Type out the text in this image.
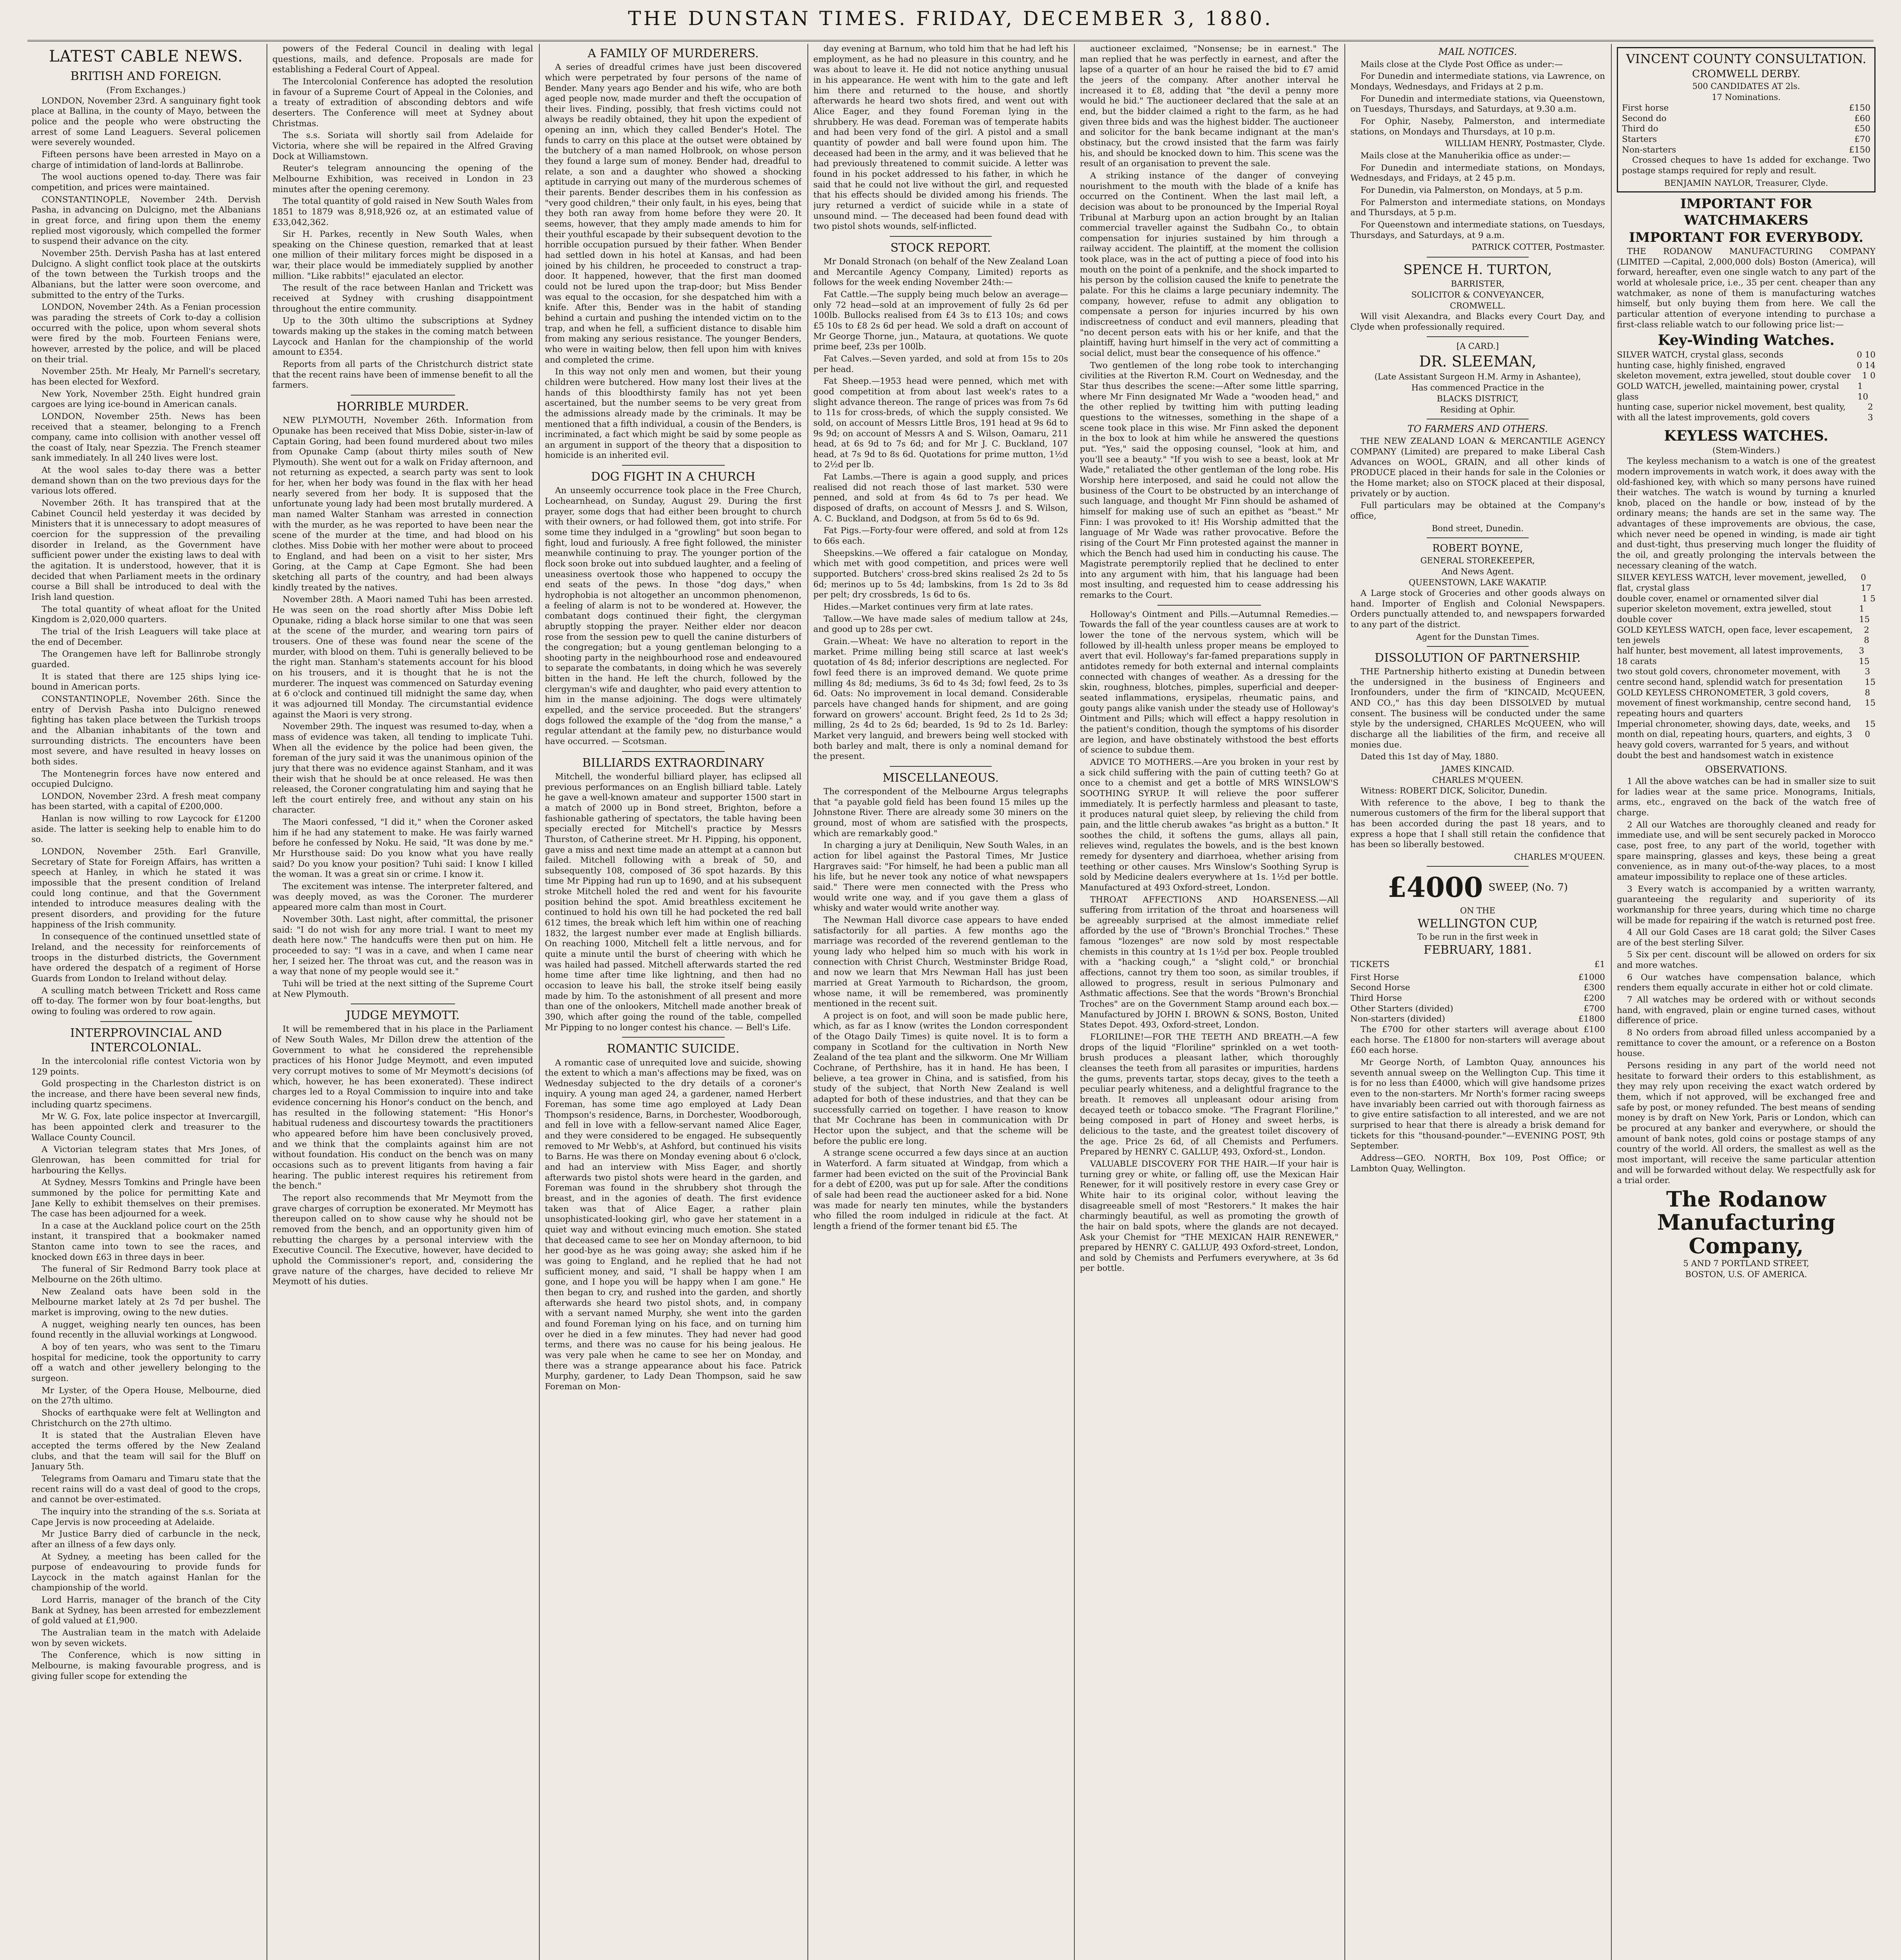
THE DUNSTAN TIMES. FRIDAY, DECEMBER 3, 1880.
LATEST CABLE NEWS.
BRITISH AND FOREIGN.
(From Exchanges.)

LONDON, November 23rd. A sanguinary fight took place at Ballina, in the county of Mayo, between the police and the people who were obstructing the arrest of some Land Leaguers. Several policemen were severely wounded.

Fifteen persons have been arrested in Mayo on a charge of intimidation of land-lords at Ballinrobe.

The wool auctions opened to-day. There was fair competition, and prices were maintained.

CONSTANTINOPLE, November 24th. Dervish Pasha, in advancing on Dulcigno, met the Albanians in great force, and firing upon them the enemy replied most vigorously, which compelled the former to suspend their advance on the city.

November 25th. Dervish Pasha has at last entered Dulcigno. A slight conflict took place at the outskirts of the town between the Turkish troops and the Albanians, but the latter were soon overcome, and submitted to the entry of the Turks.

LONDON, November 24th. As a Fenian procession was parading the streets of Cork to-day a collision occurred with the police, upon whom several shots were fired by the mob. Fourteen Fenians were, however, arrested by the police, and will be placed on their trial.

November 25th. Mr Healy, Mr Parnell's secretary, has been elected for Wexford.

New York, November 25th. Eight hundred grain cargoes are lying ice-bound in American canals.

LONDON, November 25th. News has been received that a steamer, belonging to a French company, came into collision with another vessel off the coast of Italy, near Spezzia. The French steamer sank immediately. In all 240 lives were lost.

At the wool sales to-day there was a better demand shown than on the two previous days for the various lots offered.

November 26th. It has transpired that at the Cabinet Council held yesterday it was decided by Ministers that it is unnecessary to adopt measures of coercion for the suppression of the prevailing disorder in Ireland, as the Government have sufficient power under the existing laws to deal with the agitation. It is understood, however, that it is decided that when Parliament meets in the ordinary course a Bill shall be introduced to deal with the Irish land question.

The total quantity of wheat afloat for the United Kingdom is 2,020,000 quarters.

The trial of the Irish Leaguers will take place at the end of December.

The Orangemen have left for Ballinrobe strongly guarded.

It is stated that there are 125 ships lying ice-bound in American ports.

CONSTANTINOPLE, November 26th. Since the entry of Dervish Pasha into Dulcigno renewed fighting has taken place between the Turkish troops and the Albanian inhabitants of the town and surrounding districts. The encounters have been most severe, and have resulted in heavy losses on both sides.

The Montenegrin forces have now entered and occupied Dulcigno.

LONDON, November 23rd. A fresh meat company has been started, with a capital of £200,000.

Hanlan is now willing to row Laycock for £1200 aside. The latter is seeking help to enable him to do so.

LONDON, November 25th. Earl Granville, Secretary of State for Foreign Affairs, has written a speech at Hanley, in which he stated it was impossible that the present condition of Ireland could long continue, and that the Government intended to introduce measures dealing with the present disorders, and providing for the future happiness of the Irish community.

In consequence of the continued unsettled state of Ireland, and the necessity for reinforcements of troops in the disturbed districts, the Government have ordered the despatch of a regiment of Horse Guards from London to Ireland without delay.

A sculling match between Trickett and Ross came off to-day. The former won by four boat-lengths, but owing to fouling was ordered to row again.

INTERPROVINCIAL AND INTERCOLONIAL.

In the intercolonial rifle contest Victoria won by 129 points.

Gold prospecting in the Charleston district is on the increase, and there have been several new finds, including quartz specimens.

Mr W. G. Fox, late police inspector at Invercargill, has been appointed clerk and treasurer to the Wallace County Council.

A Victorian telegram states that Mrs Jones, of Glenrowan, has been committed for trial for harbouring the Kellys.

At Sydney, Messrs Tomkins and Pringle have been summoned by the police for permitting Kate and Jane Kelly to exhibit themselves on their premises. The case has been adjourned for a week.

In a case at the Auckland police court on the 25th instant, it transpired that a bookmaker named Stanton came into town to see the races, and knocked down £63 in three days in beer.

The funeral of Sir Redmond Barry took place at Melbourne on the 26th ultimo.

New Zealand oats have been sold in the Melbourne market lately at 2s 7d per bushel. The market is improving, owing to the new duties.

A nugget, weighing nearly ten ounces, has been found recently in the alluvial workings at Longwood.

A boy of ten years, who was sent to the Timaru hospital for medicine, took the opportunity to carry off a watch and other jewellery belonging to the surgeon.

Mr Lyster, of the Opera House, Melbourne, died on the 27th ultimo.

Shocks of earthquake were felt at Wellington and Christchurch on the 27th ultimo.

It is stated that the Australian Eleven have accepted the terms offered by the New Zealand clubs, and that the team will sail for the Bluff on January 5th.

Telegrams from Oamaru and Timaru state that the recent rains will do a vast deal of good to the crops, and cannot be over-estimated.

The inquiry into the stranding of the s.s. Soriata at Cape Jervis is now proceeding at Adelaide.

Mr Justice Barry died of carbuncle in the neck, after an illness of a few days only.

At Sydney, a meeting has been called for the purpose of endeavouring to provide funds for Laycock in the match against Hanlan for the championship of the world.

Lord Harris, manager of the branch of the City Bank at Sydney, has been arrested for embezzlement of gold valued at £1,900.

The Australian team in the match with Adelaide won by seven wickets.

The Conference, which is now sitting in Melbourne, is making favourable progress, and is giving fuller scope for extending the

powers of the Federal Council in dealing with legal questions, mails, and defence. Proposals are made for establishing a Federal Court of Appeal.

The Intercolonial Conference has adopted the resolution in favour of a Supreme Court of Appeal in the Colonies, and a treaty of extradition of absconding debtors and wife deserters. The Conference will meet at Sydney about Christmas.

The s.s. Soriata will shortly sail from Adelaide for Victoria, where she will be repaired in the Alfred Graving Dock at Williamstown.

Reuter's telegram announcing the opening of the Melbourne Exhibition, was received in London in 23 minutes after the opening ceremony.

The total quantity of gold raised in New South Wales from 1851 to 1879 was 8,918,926 oz, at an estimated value of £33,042,362.

Sir H. Parkes, recently in New South Wales, when speaking on the Chinese question, remarked that at least one million of their military forces might be disposed in a war, their place would be immediately supplied by another million. "Like rabbits!" ejaculated an elector.

The result of the race between Hanlan and Trickett was received at Sydney with crushing disappointment throughout the entire community.

Up to the 30th ultimo the subscriptions at Sydney towards making up the stakes in the coming match between Laycock and Hanlan for the championship of the world amount to £354.

Reports from all parts of the Christchurch district state that the recent rains have been of immense benefit to all the farmers.

HORRIBLE MURDER.

NEW PLYMOUTH, November 26th. Information from Opunake has been received that Miss Dobie, sister-in-law of Captain Goring, had been found murdered about two miles from Opunake Camp (about thirty miles south of New Plymouth). She went out for a walk on Friday afternoon, and not returning as expected, a search party was sent to look for her, when her body was found in the flax with her head nearly severed from her body. It is supposed that the unfortunate young lady had been most brutally murdered. A man named Walter Stanham was arrested in connection with the murder, as he was reported to have been near the scene of the murder at the time, and had blood on his clothes. Miss Dobie with her mother were about to proceed to England, and had been on a visit to her sister, Mrs Goring, at the Camp at Cape Egmont. She had been sketching all parts of the country, and had been always kindly treated by the natives.

November 28th. A Maori named Tuhi has been arrested. He was seen on the road shortly after Miss Dobie left Opunake, riding a black horse similar to one that was seen at the scene of the murder, and wearing torn pairs of trousers. One of these was found near the scene of the murder, with blood on them. Tuhi is generally believed to be the right man. Stanham's statements account for his blood on his trousers, and it is thought that he is not the murderer. The inquest was commenced on Saturday evening at 6 o'clock and continued till midnight the same day, when it was adjourned till Monday. The circumstantial evidence against the Maori is very strong.

November 29th. The inquest was resumed to-day, when a mass of evidence was taken, all tending to implicate Tuhi. When all the evidence by the police had been given, the foreman of the jury said it was the unanimous opinion of the jury that there was no evidence against Stanham, and it was their wish that he should be at once released. He was then released, the Coroner congratulating him and saying that he left the court entirely free, and without any stain on his character.

The Maori confessed, "I did it," when the Coroner asked him if he had any statement to make. He was fairly warned before he confessed by Noku. He said, "It was done by me." Mr Hursthouse said: Do you know what you have really said? Do you know your position? Tuhi said: I know I killed the woman. It was a great sin or crime. I know it.

The excitement was intense. The interpreter faltered, and was deeply moved, as was the Coroner. The murderer appeared more calm than most in Court.

November 30th. Last night, after committal, the prisoner said: "I do not wish for any more trial. I want to meet my death here now." The handcuffs were then put on him. He proceeded to say: "I was in a cave, and when I came near her, I seized her. The throat was cut, and the reason was in a way that none of my people would see it."

Tuhi will be tried at the next sitting of the Supreme Court at New Plymouth.

JUDGE MEYMOTT.

It will be remembered that in his place in the Parliament of New South Wales, Mr Dillon drew the attention of the Government to what he considered the reprehensible practices of his Honor Judge Meymott, and even imputed very corrupt motives to some of Mr Meymott's decisions (of which, however, he has been exonerated). These indirect charges led to a Royal Commission to inquire into and take evidence concerning his Honor's conduct on the bench, and has resulted in the following statement: "His Honor's habitual rudeness and discourtesy towards the practitioners who appeared before him have been conclusively proved, and we think that the complaints against him are not without foundation. His conduct on the bench was on many occasions such as to prevent litigants from having a fair hearing. The public interest requires his retirement from the bench."

The report also recommends that Mr Meymott from the grave charges of corruption be exonerated. Mr Meymott has thereupon called on to show cause why he should not be removed from the bench, and an opportunity given him of rebutting the charges by a personal interview with the Executive Council. The Executive, however, have decided to uphold the Commissioner's report, and, considering the grave nature of the charges, have decided to relieve Mr Meymott of his duties.

A FAMILY OF MURDERERS.

A series of dreadful crimes have just been discovered which were perpetrated by four persons of the name of Bender. Many years ago Bender and his wife, who are both aged people now, made murder and theft the occupation of their lives. Finding, possibly, that fresh victims could not always be readily obtained, they hit upon the expedient of opening an inn, which they called Bender's Hotel. The funds to carry on this place at the outset were obtained by the butchery of a man named Holbrook, on whose person they found a large sum of money. Bender had, dreadful to relate, a son and a daughter who showed a shocking aptitude in carrying out many of the murderous schemes of their parents. Bender describes them in his confession as "very good children," their only fault, in his eyes, being that they both ran away from home before they were 20. It seems, however, that they amply made amends to him for their youthful escapade by their subsequent devotion to the horrible occupation pursued by their father. When Bender had settled down in his hotel at Kansas, and had been joined by his children, he proceeded to construct a trap-door. It happened, however, that the first man doomed could not be lured upon the trap-door; but Miss Bender was equal to the occasion, for she despatched him with a knife. After this, Bender was in the habit of standing behind a curtain and pushing the intended victim on to the trap, and when he fell, a sufficient distance to disable him from making any serious resistance. The younger Benders, who were in waiting below, then fell upon him with knives and completed the crime.

In this way not only men and women, but their young children were butchered. How many lost their lives at the hands of this bloodthirsty family has not yet been ascertained, but the number seems to be very great from the admissions already made by the criminals. It may be mentioned that a fifth individual, a cousin of the Benders, is incriminated, a fact which might be said by some people as an argument in support of the theory that a disposition to homicide is an inherited evil.

DOG FIGHT IN A CHURCH

An unseemly occurrence took place in the Free Church, Lochearnhead, on Sunday, August 29. During the first prayer, some dogs that had either been brought to church with their owners, or had followed them, got into strife. For some time they indulged in a "growling" but soon began to fight, loud and furiously. A free fight followed, the minister meanwhile continuing to pray. The younger portion of the flock soon broke out into subdued laughter, and a feeling of uneasiness overtook those who happened to occupy the end seats of the pews. In those "dog days," when hydrophobia is not altogether an uncommon phenomenon, a feeling of alarm is not to be wondered at. However, the combatant dogs continued their fight, the clergyman abruptly stopping the prayer. Neither elder nor deacon rose from the session pew to quell the canine disturbers of the congregation; but a young gentleman belonging to a shooting party in the neighbourhood rose and endeavoured to separate the combatants, in doing which he was severely bitten in the hand. He left the church, followed by the clergyman's wife and daughter, who paid every attention to him in the manse adjoining. The dogs were ultimately expelled, and the service proceeded. But the strangers' dogs followed the example of the "dog from the manse," a regular attendant at the family pew, no disturbance would have occurred. — Scotsman.

BILLIARDS EXTRAORDINARY

Mitchell, the wonderful billiard player, has eclipsed all previous performances on an English billiard table. Lately he gave a well-known amateur and supporter 1500 start in a match of 2000 up in Bond street, Brighton, before a fashionable gathering of spectators, the table having been specially erected for Mitchell's practice by Messrs Thurston, of Catherine street. Mr H. Pipping, his opponent, gave a miss and next time made an attempt at a cannon but failed. Mitchell following with a break of 50, and subsequently 108, composed of 36 spot hazards. By this time Mr Pipping had run up to 1690, and at his subsequent stroke Mitchell holed the red and went for his favourite position behind the spot. Amid breathless excitement he continued to hold his own till he had pocketed the red ball 612 times, the break which left him within one of reaching 1832, the largest number ever made at English billiards. On reaching 1000, Mitchell felt a little nervous, and for quite a minute until the burst of cheering with which he was hailed had passed. Mitchell afterwards started the red home time after time like lightning, and then had no occasion to leave his ball, the stroke itself being easily made by him. To the astonishment of all present and more than one of the onlookers, Mitchell made another break of 390, which after going the round of the table, compelled Mr Pipping to no longer contest his chance. — Bell's Life.

ROMANTIC SUICIDE.

A romantic case of unrequited love and suicide, showing the extent to which a man's affections may be fixed, was on Wednesday subjected to the dry details of a coroner's inquiry. A young man aged 24, a gardener, named Herbert Foreman, has some time ago employed at Lady Dean Thompson's residence, Barns, in Dorchester, Woodborough, and fell in love with a fellow-servant named Alice Eager, and they were considered to be engaged. He subsequently removed to Mr Webb's, at Ashford, but continued his visits to Barns. He was there on Monday evening about 6 o'clock, and had an interview with Miss Eager, and shortly afterwards two pistol shots were heard in the garden, and Foreman was found in the shrubbery shot through the breast, and in the agonies of death. The first evidence taken was that of Alice Eager, a rather plain unsophisticated-looking girl, who gave her statement in a quiet way and without evincing much emotion. She stated that deceased came to see her on Monday afternoon, to bid her good-bye as he was going away; she asked him if he was going to England, and he replied that he had not sufficient money, and said, "I shall be happy when I am gone, and I hope you will be happy when I am gone." He then began to cry, and rushed into the garden, and shortly afterwards she heard two pistol shots, and, in company with a servant named Murphy, she went into the garden and found Foreman lying on his face, and on turning him over he died in a few minutes. They had never had good terms, and there was no cause for his being jealous. He was very pale when he came to see her on Monday, and there was a strange appearance about his face. Patrick Murphy, gardener, to Lady Dean Thompson, said he saw Foreman on Mon-

day evening at Barnum, who told him that he had left his employment, as he had no pleasure in this country, and he was about to leave it. He did not notice anything unusual in his appearance. He went with him to the gate and left him there and returned to the house, and shortly afterwards he heard two shots fired, and went out with Alice Eager, and they found Foreman lying in the shrubbery. He was dead. Foreman was of temperate habits and had been very fond of the girl. A pistol and a small quantity of powder and ball were found upon him. The deceased had been in the army, and it was believed that he had previously threatened to commit suicide. A letter was found in his pocket addressed to his father, in which he said that he could not live without the girl, and requested that his effects should be divided among his friends. The jury returned a verdict of suicide while in a state of unsound mind. — The deceased had been found dead with two pistol shots wounds, self-inflicted.

STOCK REPORT.

Mr Donald Stronach (on behalf of the New Zealand Loan and Mercantile Agency Company, Limited) reports as follows for the week ending November 24th:—

Fat Cattle.—The supply being much below an average—only 72 head—sold at an improvement of fully 2s 6d per 100lb. Bullocks realised from £4 3s to £13 10s; and cows £5 10s to £8 2s 6d per head. We sold a draft on account of Mr George Thorne, jun., Mataura, at quotations. We quote prime beef, 23s per 100lb.

Fat Calves.—Seven yarded, and sold at from 15s to 20s per head.

Fat Sheep.—1953 head were penned, which met with good competition at from about last week's rates to a slight advance thereon. The range of prices was from 7s 6d to 11s for cross-breds, of which the supply consisted. We sold, on account of Messrs Little Bros, 191 head at 9s 6d to 9s 9d; on account of Messrs A and S. Wilson, Oamaru, 211 head, at 6s 9d to 7s 6d; and for Mr J. C. Buckland, 107 head, at 7s 9d to 8s 6d. Quotations for prime mutton, 1½d to 2½d per lb.

Fat Lambs.—There is again a good supply, and prices realised did not reach those of last market. 530 were penned, and sold at from 4s 6d to 7s per head. We disposed of drafts, on account of Messrs J. and S. Wilson, A. C. Buckland, and Dodgson, at from 5s 6d to 6s 9d.

Fat Pigs.—Forty-four were offered, and sold at from 12s to 66s each.

Sheepskins.—We offered a fair catalogue on Monday, which met with good competition, and prices were well supported. Butchers' cross-bred skins realised 2s 2d to 5s 6d; merinos up to 5s 4d; lambskins, from 1s 2d to 3s 8d per pelt; dry crossbreds, 1s 6d to 6s.

Hides.—Market continues very firm at late rates.

Tallow.—We have made sales of medium tallow at 24s, and good up to 28s per cwt.

Grain.—Wheat: We have no alteration to report in the market. Prime milling being still scarce at last week's quotation of 4s 8d; inferior descriptions are neglected. For fowl feed there is an improved demand. We quote prime milling 4s 8d; mediums, 3s 6d to 4s 3d; fowl feed, 2s to 3s 6d. Oats: No improvement in local demand. Considerable parcels have changed hands for shipment, and are going forward on growers' account. Bright feed, 2s 1d to 2s 3d; milling, 2s 4d to 2s 6d; bearded, 1s 9d to 2s 1d. Barley: Market very languid, and brewers being well stocked with both barley and malt, there is only a nominal demand for the present.

MISCELLANEOUS.

The correspondent of the Melbourne Argus telegraphs that "a payable gold field has been found 15 miles up the Johnstone River. There are already some 30 miners on the ground, most of whom are satisfied with the prospects, which are remarkably good."

In charging a jury at Deniliquin, New South Wales, in an action for libel against the Pastoral Times, Mr Justice Hargraves said: "For himself, he had been a public man all his life, but he never took any notice of what newspapers said." There were men connected with the Press who would write one way, and if you gave them a glass of whisky and water would write another way.

The Newman Hall divorce case appears to have ended satisfactorily for all parties. A few months ago the marriage was recorded of the reverend gentleman to the young lady who helped him so much with his work in connection with Christ Church, Westminster Bridge Road, and now we learn that Mrs Newman Hall has just been married at Great Yarmouth to Richardson, the groom, whose name, it will be remembered, was prominently mentioned in the recent suit.

A project is on foot, and will soon be made public here, which, as far as I know (writes the London correspondent of the Otago Daily Times) is quite novel. It is to form a company in Scotland for the cultivation in North New Zealand of the tea plant and the silkworm. One Mr William Cochrane, of Perthshire, has it in hand. He has been, I believe, a tea grower in China, and is satisfied, from his study of the subject, that North New Zealand is well adapted for both of these industries, and that they can be successfully carried on together. I have reason to know that Mr Cochrane has been in communication with Dr Hector upon the subject, and that the scheme will be before the public ere long.

A strange scene occurred a few days since at an auction in Waterford. A farm situated at Windgap, from which a farmer had been evicted on the suit of the Provincial Bank for a debt of £200, was put up for sale. After the conditions of sale had been read the auctioneer asked for a bid. None was made for nearly ten minutes, while the bystanders who filled the room indulged in ridicule at the fact. At length a friend of the former tenant bid £5. The

auctioneer exclaimed, "Nonsense; be in earnest." The man replied that he was perfectly in earnest, and after the lapse of a quarter of an hour he raised the bid to £7 amid the jeers of the company. After another interval he increased it to £8, adding that "the devil a penny more would he bid." The auctioneer declared that the sale at an end, but the bidder claimed a right to the farm, as he had given three bids and was the highest bidder. The auctioneer and solicitor for the bank became indignant at the man's obstinacy, but the crowd insisted that the farm was fairly his, and should be knocked down to him. This scene was the result of an organisation to prevent the sale.

A striking instance of the danger of conveying nourishment to the mouth with the blade of a knife has occurred on the Continent. When the last mail left, a decision was about to be pronounced by the Imperial Royal Tribunal at Marburg upon an action brought by an Italian commercial traveller against the Sudbahn Co., to obtain compensation for injuries sustained by him through a railway accident. The plaintiff, at the moment the collision took place, was in the act of putting a piece of food into his mouth on the point of a penknife, and the shock imparted to his person by the collision caused the knife to penetrate the palate. For this he claims a large pecuniary indemnity. The company, however, refuse to admit any obligation to compensate a person for injuries incurred by his own indiscreetness of conduct and evil manners, pleading that "no decent person eats with his or her knife, and that the plaintiff, having hurt himself in the very act of committing a social delict, must bear the consequence of his offence."

Two gentlemen of the long robe took to interchanging civilities at the Riverton R.M. Court on Wednesday, and the Star thus describes the scene:—After some little sparring, where Mr Finn designated Mr Wade a "wooden head," and the other replied by twitting him with putting leading questions to the witnesses, something in the shape of a scene took place in this wise. Mr Finn asked the deponent in the box to look at him while he answered the questions put. "Yes," said the opposing counsel, "look at him, and you'll see a beauty." "If you wish to see a beast, look at Mr Wade," retaliated the other gentleman of the long robe. His Worship here interposed, and said he could not allow the business of the Court to be obstructed by an interchange of such language, and thought Mr Finn should be ashamed of himself for making use of such an epithet as "beast." Mr Finn: I was provoked to it! His Worship admitted that the language of Mr Wade was rather provocative. Before the rising of the Court Mr Finn protested against the manner in which the Bench had used him in conducting his cause. The Magistrate peremptorily replied that he declined to enter into any argument with him, that his language had been most insulting, and requested him to cease addressing his remarks to the Court.

Holloway's Ointment and Pills.—Autumnal Remedies.—Towards the fall of the year countless causes are at work to lower the tone of the nervous system, which will be followed by ill-health unless proper means be employed to avert that evil. Holloway's far-famed preparations supply in antidotes remedy for both external and internal complaints connected with changes of weather. As a dressing for the skin, roughness, blotches, pimples, superficial and deeper-seated inflammations, erysipelas, rheumatic pains, and gouty pangs alike vanish under the steady use of Holloway's Ointment and Pills; which will effect a happy resolution in the patient's condition, though the symptoms of his disorder are legion, and have obstinately withstood the best efforts of science to subdue them.

ADVICE TO MOTHERS.—Are you broken in your rest by a sick child suffering with the pain of cutting teeth? Go at once to a chemist and get a bottle of MRS WINSLOW'S SOOTHING SYRUP. It will relieve the poor sufferer immediately. It is perfectly harmless and pleasant to taste, it produces natural quiet sleep, by relieving the child from pain, and the little cherub awakes "as bright as a button." It soothes the child, it softens the gums, allays all pain, relieves wind, regulates the bowels, and is the best known remedy for dysentery and diarrhoea, whether arising from teething or other causes. Mrs Winslow's Soothing Syrup is sold by Medicine dealers everywhere at 1s. 1½d per bottle. Manufactured at 493 Oxford-street, London.

THROAT AFFECTIONS AND HOARSENESS.—All suffering from irritation of the throat and hoarseness will be agreeably surprised at the almost immediate relief afforded by the use of "Brown's Bronchial Troches." These famous "lozenges" are now sold by most respectable chemists in this country at 1s 1½d per box. People troubled with a "hacking cough," a "slight cold," or bronchial affections, cannot try them too soon, as similar troubles, if allowed to progress, result in serious Pulmonary and Asthmatic affections. See that the words "Brown's Bronchial Troches" are on the Government Stamp around each box.—Manufactured by JOHN I. BROWN & SONS, Boston, United States Depot. 493, Oxford-street, London.

FLORILINE!—FOR THE TEETH AND BREATH.—A few drops of the liquid "Floriline" sprinkled on a wet tooth-brush produces a pleasant lather, which thoroughly cleanses the teeth from all parasites or impurities, hardens the gums, prevents tartar, stops decay, gives to the teeth a peculiar pearly whiteness, and a delightful fragrance to the breath. It removes all unpleasant odour arising from decayed teeth or tobacco smoke. "The Fragrant Floriline," being composed in part of Honey and sweet herbs, is delicious to the taste, and the greatest toilet discovery of the age. Price 2s 6d, of all Chemists and Perfumers. Prepared by HENRY C. GALLUP, 493, Oxford-st., London.

VALUABLE DISCOVERY FOR THE HAIR.—If your hair is turning grey or white, or falling off, use the Mexican Hair Renewer, for it will positively restore in every case Grey or White hair to its original color, without leaving the disagreeable smell of most "Restorers." It makes the hair charmingly beautiful, as well as promoting the growth of the hair on bald spots, where the glands are not decayed. Ask your Chemist for "THE MEXICAN HAIR RENEWER," prepared by HENRY C. GALLUP, 493 Oxford-street, London, and sold by Chemists and Perfumers everywhere, at 3s 6d per bottle.

MAIL NOTICES.

Mails close at the Clyde Post Office as under:—

For Dunedin and intermediate stations, via Lawrence, on Mondays, Wednesdays, and Fridays at 2 p.m.

For Dunedin and intermediate stations, via Queenstown, on Tuesdays, Thursdays, and Saturdays, at 9.30 a.m.

For Ophir, Naseby, Palmerston, and intermediate stations, on Mondays and Thursdays, at 10 p.m.

WILLIAM HENRY, Postmaster, Clyde.

Mails close at the Manuherikia office as under:—

For Dunedin and intermediate stations, on Mondays, Wednesdays, and Fridays, at 2 45 p.m.

For Dunedin, via Palmerston, on Mondays, at 5 p.m.

For Palmerston and intermediate stations, on Mondays and Thursdays, at 5 p.m.

For Queenstown and intermediate stations, on Tuesdays, Thursdays, and Saturdays, at 9 a.m.

PATRICK COTTER, Postmaster.

SPENCE H. TURTON,
BARRISTER,
SOLICITOR & CONVEYANCER,
CROMWELL.

Will visit Alexandra, and Blacks every Court Day, and Clyde when professionally required.

[A CARD.]
DR. SLEEMAN,
(Late Assistant Surgeon H.M. Army in Ashantee),
Has commenced Practice in the
BLACKS DISTRICT,
Residing at Ophir.
TO FARMERS AND OTHERS.

THE NEW ZEALAND LOAN & MERCANTILE AGENCY COMPANY (Limited) are prepared to make Liberal Cash Advances on WOOL, GRAIN, and all other kinds of PRODUCE placed in their hands for sale in the Colonies or the Home market; also on STOCK placed at their disposal, privately or by auction.

Full particulars may be obtained at the Company's office,

Bond street, Dunedin.
ROBERT BOYNE,
GENERAL STOREKEEPER,
And News Agent.
QUEENSTOWN, LAKE WAKATIP.

A Large stock of Groceries and other goods always on hand. Importer of English and Colonial Newspapers. Orders punctually attended to, and newspapers forwarded to any part of the district.

Agent for the Dunstan Times.
DISSOLUTION OF PARTNERSHIP.

THE Partnership hitherto existing at Dunedin between the undersigned in the business of Engineers and Ironfounders, under the firm of "KINCAID, McQUEEN, AND CO.," has this day been DISSOLVED by mutual consent. The business will be conducted under the same style by the undersigned, CHARLES McQUEEN, who will discharge all the liabilities of the firm, and receive all monies due.

Dated this 1st day of May, 1880.

JAMES KINCAID.
CHARLES M'QUEEN.

Witness: ROBERT DICK, Solicitor, Dunedin.

With reference to the above, I beg to thank the numerous customers of the firm for the liberal support that has been accorded during the past 18 years, and to express a hope that I shall still retain the confidence that has been so liberally bestowed.

CHARLES M'QUEEN.
£4000 SWEEP, (No. 7)
ON THE
WELLINGTON CUP,
To be run in the first week in
FEBRUARY, 1881.
TICKETS	£1
First Horse	£1000
Second Horse	£300
Third Horse	£200
Other Starters (divided)	£700
Non-starters (divided)	£1800

The £700 for other starters will average about £100 each horse. The £1800 for non-starters will average about £60 each horse.

Mr George North, of Lambton Quay, announces his seventh annual sweep on the Wellington Cup. This time it is for no less than £4000, which will give handsome prizes even to the non-starters. Mr North's former racing sweeps have invariably been carried out with thorough fairness as to give entire satisfaction to all interested, and we are not surprised to hear that there is already a brisk demand for tickets for this "thousand-pounder."—EVENING POST, 9th September.

Address—GEO. NORTH, Box 109, Post Office; or Lambton Quay, Wellington.

VINCENT COUNTY CONSULTATION.
CROMWELL DERBY.
500 CANDIDATES AT 2ls.
17 Nominations.
First horse	£150
Second do	£60
Third do	£50
Starters	£70
Non-starters	£150

Crossed cheques to have 1s added for exchange. Two postage stamps required for reply and result.

BENJAMIN NAYLOR, Treasurer, Clyde.
IMPORTANT FOR WATCHMAKERS
IMPORTANT FOR EVERYBODY.

THE RODANOW MANUFACTURING COMPANY (LIMITED —Capital, 2,000,000 dols) Boston (America), will forward, hereafter, even one single watch to any part of the world at wholesale price, i.e., 35 per cent. cheaper than any watchmaker, as none of them is manufacturing watches himself, but only buying them from here. We call the particular attention of everyone intending to purchase a first-class reliable watch to our following price list:—

Key-Winding Watches.
SILVER WATCH, crystal glass, seconds	0 10
hunting case, highly finished, engraved	0 14
skeleton movement, extra jewelled, stout double cover 1 0
GOLD WATCH, jewelled, maintaining power, crystal glass
1 10
hunting case, superior nickel movement, best quality, with all the latest improvements, gold covers
2 3
KEYLESS WATCHES.
(Stem-Winders.)

The keyless mechanism to a watch is one of the greatest modern improvements in watch work, it does away with the old-fashioned key, with which so many persons have ruined their watches. The watch is wound by turning a knurled knob, placed on the handle or bow, instead of by the ordinary means; the hands are set in the same way. The advantages of these improvements are obvious, the case, which never need be opened in winding, is made air tight and dust-tight, thus preserving much longer the fluidity of the oil, and greatly prolonging the intervals between the necessary cleaning of the watch.

SILVER KEYLESS WATCH, lever movement, jewelled, flat, crystal glass
0 17
double cover, enamel or ornamented silver dial	1 5
superior skeleton movement, extra jewelled, stout double cover
1 15
GOLD KEYLESS WATCH, open face, lever escapement, ten jewels
2 8
half hunter, best movement, all latest improvements, 18 carats
3 15
two stout gold covers, chronometer movement, with centre second hand, splendid watch for presentation
3 15
GOLD KEYLESS CHRONOMETER, 3 gold covers, movement of finest workmanship, centre second hand, repeating hours and quarters
8 15
Imperial chronometer, showing days, date, weeks, and month on dial, repeating hours, quarters, and eights, 3 heavy gold covers, warranted for 5 years, and without doubt the best and handsomest watch in existence
15 0
OBSERVATIONS.

1 All the above watches can be had in smaller size to suit for ladies wear at the same price. Monograms, Initials, arms, etc., engraved on the back of the watch free of charge.

2 All our Watches are thoroughly cleaned and ready for immediate use, and will be sent securely packed in Morocco case, post free, to any part of the world, together with spare mainspring, glasses and keys, these being a great convenience, as in many out-of-the-way places, to a most amateur impossibility to replace one of these articles.

3 Every watch is accompanied by a written warranty, guaranteeing the regularity and superiority of its workmanship for three years, during which time no charge will be made for repairing if the watch is returned post free.

4 All our Gold Cases are 18 carat gold; the Silver Cases are of the best sterling Silver.

5 Six per cent. discount will be allowed on orders for six and more watches.

6 Our watches have compensation balance, which renders them equally accurate in either hot or cold climate.

7 All watches may be ordered with or without seconds hand, with engraved, plain or engine turned cases, without difference of price.

8 No orders from abroad filled unless accompanied by a remittance to cover the amount, or a reference on a Boston house.

Persons residing in any part of the world need not hesitate to forward their orders to this establishment, as they may rely upon receiving the exact watch ordered by them, which if not approved, will be exchanged free and safe by post, or money refunded. The best means of sending money is by draft on New York, Paris or London, which can be procured at any banker and everywhere, or should the amount of bank notes, gold coins or postage stamps of any country of the world. All orders, the smallest as well as the most important, will receive the same particular attention and will be forwarded without delay. We respectfully ask for a trial order.

The Rodanow Manufacturing Company,
5 AND 7 PORTLAND STREET,
BOSTON, U.S. OF AMERICA.
